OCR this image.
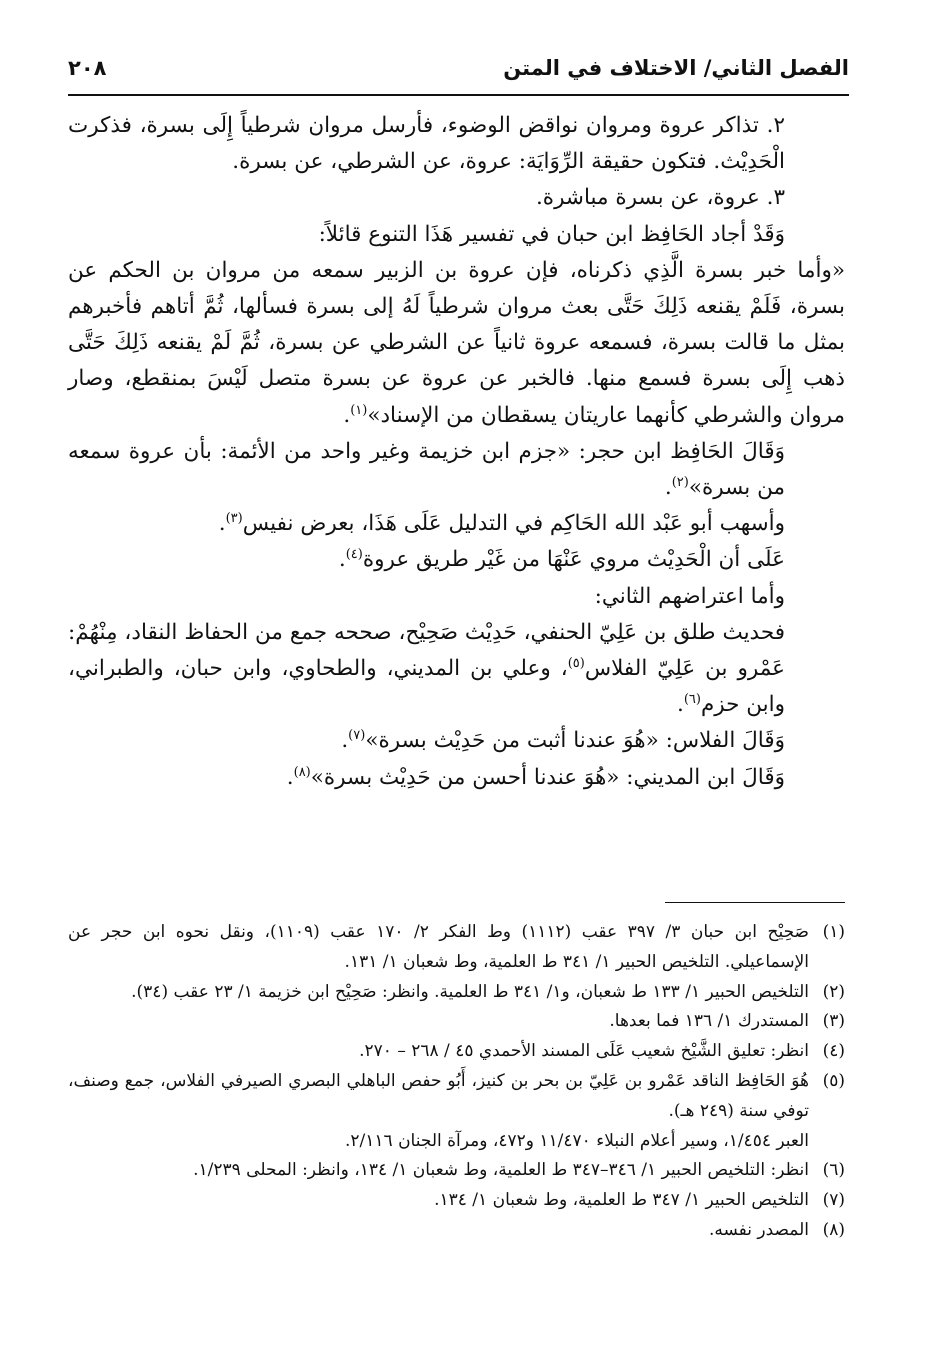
الفصل الثاني/ الاختلاف في المتن
٢٠٨

٢. تذاكر عروة ومروان نواقض الوضوء، فأرسل مروان شرطياً إِلَى بسرة، فذكرت الْحَدِيْث. فتكون حقيقة الرِّوَايَة: عروة، عن الشرطي، عن بسرة.

٣. عروة، عن بسرة مباشرة.

وَقَدْ أجاد الحَافِظ ابن حبان في تفسير هَذَا التنوع قائلاً:

«وأما خبر بسرة الَّذِي ذكرناه، فإن عروة بن الزبير سمعه من مروان بن الحكم عن بسرة، فَلَمْ يقنعه ذَلِكَ حَتَّى بعث مروان شرطياً لَهُ إلى بسرة فسألها، ثُمَّ أتاهم فأخبرهم بمثل ما قالت بسرة، فسمعه عروة ثانياً عن الشرطي عن بسرة، ثُمَّ لَمْ يقنعه ذَلِكَ حَتَّى ذهب إِلَى بسرة فسمع منها. فالخبر عن عروة عن بسرة متصل لَيْسَ بمنقطع، وصار مروان والشرطي كأنهما عاريتان يسقطان من الإسناد»$^{(١)}$.

وَقَالَ الحَافِظ ابن حجر: «جزم ابن خزيمة وغير واحد من الأئمة: بأن عروة سمعه من بسرة»$^{(٢)}$.

وأسهب أبو عَبْد الله الحَاكِم في التدليل عَلَى هَذَا، بعرض نفيس$^{(٣)}$.

عَلَى أن الْحَدِيْث مروي عَنْهَا من غَيْر طريق عروة$^{(٤)}$.

وأما اعتراضهم الثاني:

فحديث طلق بن عَلِيّ الحنفي، حَدِيْث صَحِيْح، صححه جمع من الحفاظ النقاد، مِنْهُمْ: عَمْرو بن عَلِيّ الفلاس$^{(٥)}$، وعلي بن المديني، والطحاوي، وابن حبان، والطبراني، وابن حزم$^{(٦)}$.

وَقَالَ الفلاس: «هُوَ عندنا أثبت من حَدِيْث بسرة»$^{(٧)}$.

وَقَالَ ابن المديني: «هُوَ عندنا أحسن من حَدِيْث بسرة»$^{(٨)}$.

(١)
صَحِيْح ابن حبان ٣/ ٣٩٧ عقب (١١١٢) وط الفكر ٢/ ١٧٠ عقب (١١٠٩)، ونقل نحوه ابن حجر عن الإسماعيلي. التلخيص الحبير ١/ ٣٤١ ط العلمية، وط شعبان ١/ ١٣١.

(٢)
التلخيص الحبير ١/ ١٣٣ ط شعبان، و١/ ٣٤١ ط العلمية. وانظر: صَحِيْح ابن خزيمة ١/ ٢٣ عقب (٣٤).

(٣)
المستدرك ١/ ١٣٦ فما بعدها.

(٤)
انظر: تعليق الشَّيْخ شعيب عَلَى المسند الأحمدي ٤٥ / ٢٦٨ – ٢٧٠.

(٥)
هُوَ الحَافِظ الناقد عَمْرو بن عَلِيّ بن بحر بن كنيز، أَبُو حفص الباهلي البصري الصيرفي الفلاس، جمع وصنف، توفي سنة (٢٤٩ هـ).

العبر ١/٤٥٤، وسير أعلام النبلاء ١١/٤٧٠ و٤٧٢، ومرآة الجنان ٢/١١٦.

(٦)
انظر: التلخيص الحبير ١/ ٣٤٦–٣٤٧ ط العلمية، وط شعبان ١/ ١٣٤، وانظر: المحلى ١/٢٣٩.

(٧)
التلخيص الحبير ١/ ٣٤٧ ط العلمية، وط شعبان ١/ ١٣٤.

(٨)
المصدر نفسه.
